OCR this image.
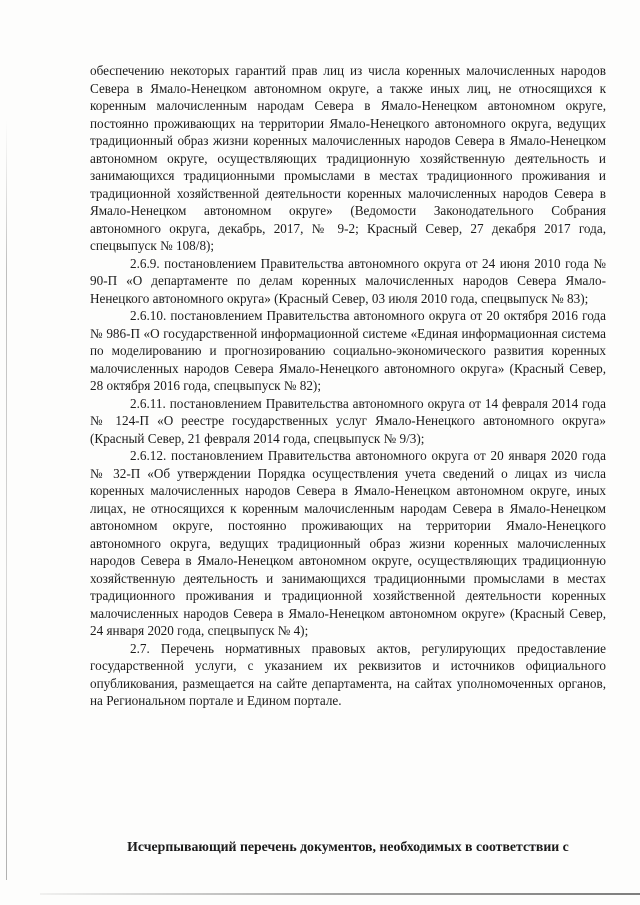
обеспечению некоторых гарантий прав лиц из числа коренных малочисленных народов Севера в Ямало-Ненецком автономном округе, а также иных лиц, не относящихся к коренным малочисленным народам Севера в Ямало-Ненецком автономном округе, постоянно проживающих на территории Ямало-Ненецкого автономного округа, ведущих традиционный образ жизни коренных малочисленных народов Севера в Ямало-Ненецком автономном округе, осуществляющих традиционную хозяйственную деятельность и занимающихся традиционными промыслами в местах традиционного проживания и традиционной хозяйственной деятельности коренных малочисленных народов Севера в Ямало-Ненецком автономном округе» (Ведомости Законодательного Собрания автономного округа, декабрь, 2017, № 9-2; Красный Север, 27 декабря 2017 года, спецвыпуск № 108/8);

2.6.9. постановлением Правительства автономного округа от 24 июня 2010 года № 90-П «О департаменте по делам коренных малочисленных народов Севера Ямало-Ненецкого автономного округа» (Красный Север, 03 июля 2010 года, спецвыпуск № 83);

2.6.10. постановлением Правительства автономного округа от 20 октября 2016 года № 986-П «О государственной информационной системе «Единая информационная система по моделированию и прогнозированию социально-экономического развития коренных малочисленных народов Севера Ямало-Ненецкого автономного округа» (Красный Север, 28 октября 2016 года, спецвыпуск № 82);

2.6.11. постановлением Правительства автономного округа от 14 февраля 2014 года № 124-П «О реестре государственных услуг Ямало-Ненецкого автономного округа» (Красный Север, 21 февраля 2014 года, спецвыпуск № 9/3);

2.6.12. постановлением Правительства автономного округа от 20 января 2020 года № 32-П «Об утверждении Порядка осуществления учета сведений о лицах из числа коренных малочисленных народов Севера в Ямало-Ненецком автономном округе, иных лицах, не относящихся к коренным малочисленным народам Севера в Ямало-Ненецком автономном округе, постоянно проживающих на территории Ямало-Ненецкого автономного округа, ведущих традиционный образ жизни коренных малочисленных народов Севера в Ямало-Ненецком автономном округе, осуществляющих традиционную хозяйственную деятельность и занимающихся традиционными промыслами в местах традиционного проживания и традиционной хозяйственной деятельности коренных малочисленных народов Севера в Ямало-Ненецком автономном округе» (Красный Север, 24 января 2020 года, спецвыпуск № 4);

2.7. Перечень нормативных правовых актов, регулирующих предоставление государственной услуги, с указанием их реквизитов и источников официального опубликования, размещается на сайте департамента, на сайтах уполномоченных органов, на Региональном портале и Едином портале.

Исчерпывающий перечень документов, необходимых в соответствии с
